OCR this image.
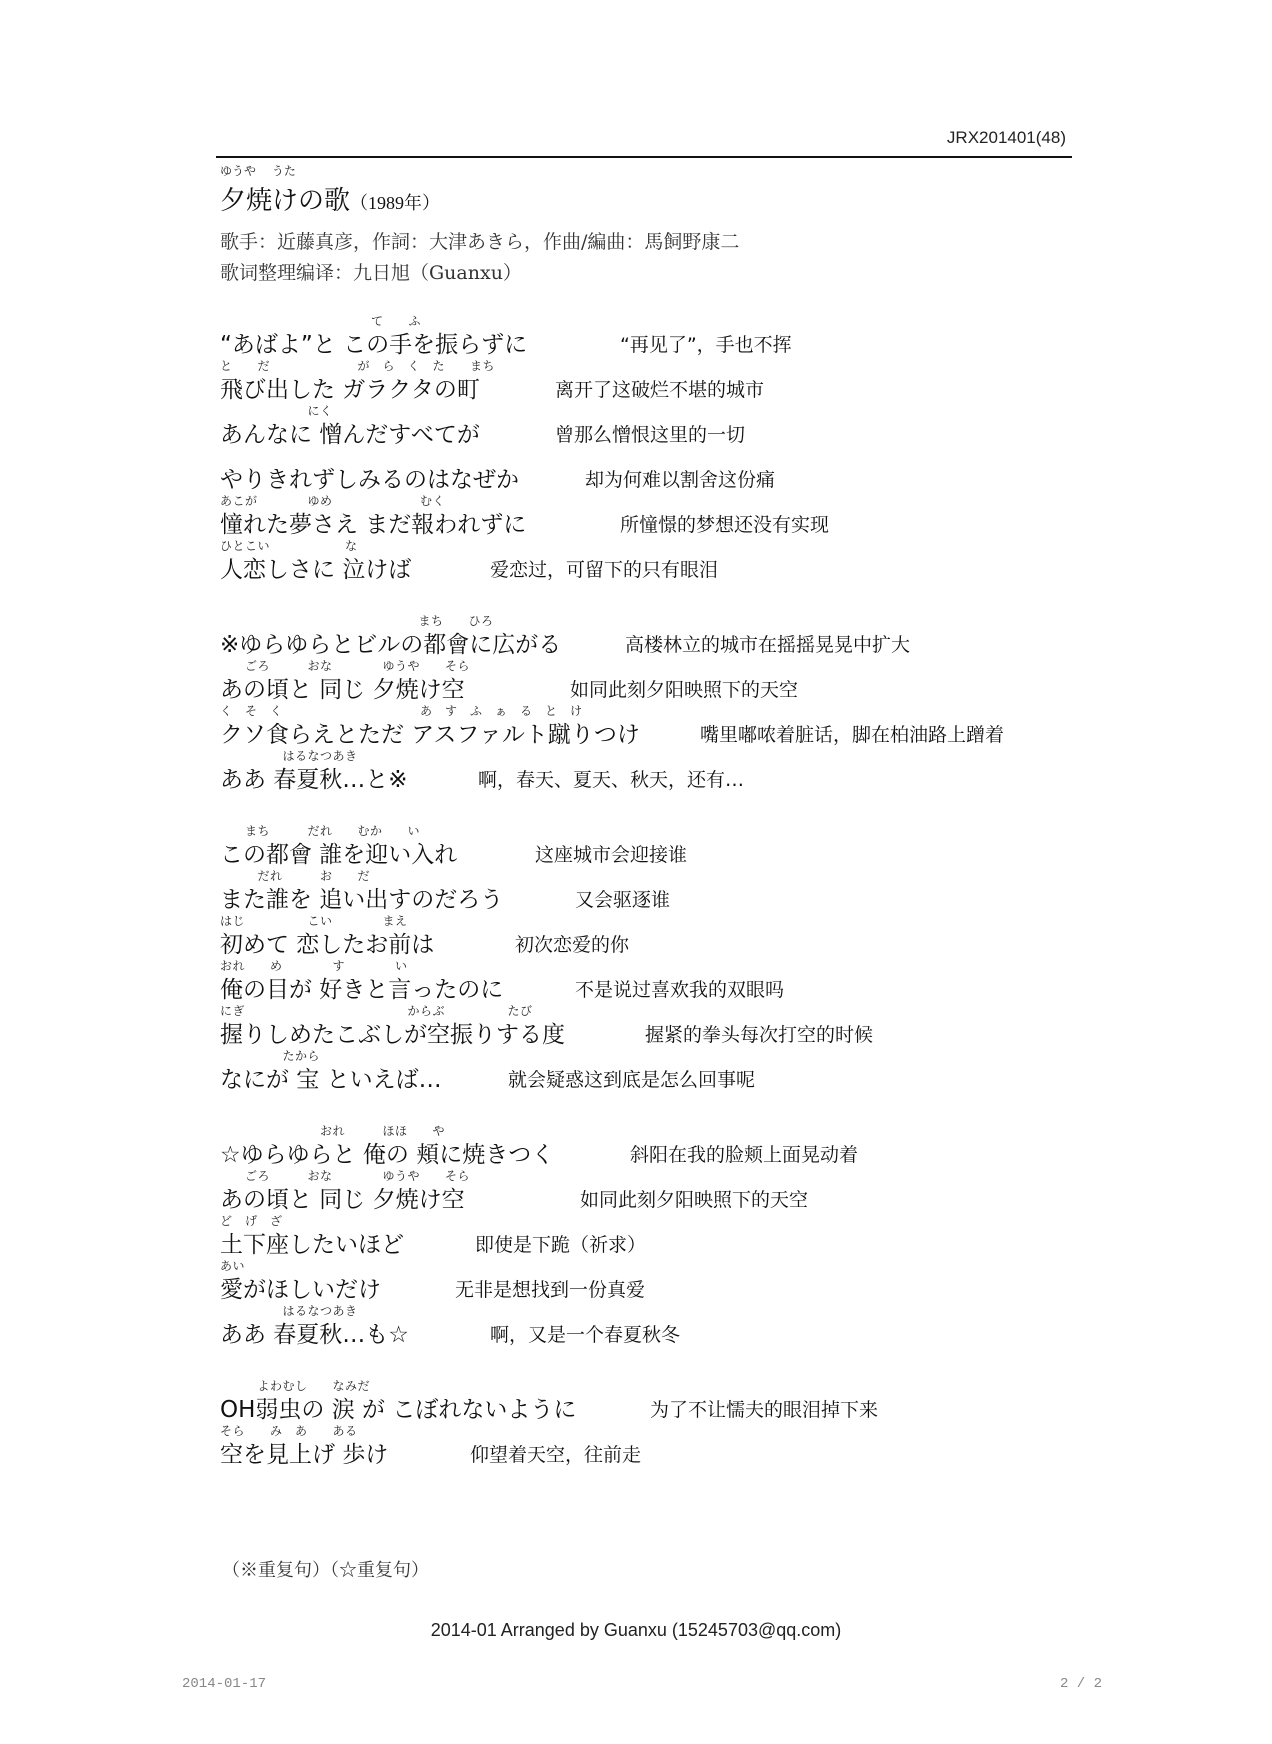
JRX201401(48)
ゆうや　 うた
夕焼けの歌（1989年）
歌手：近藤真彦，作詞：大津あきら，作曲/編曲：馬飼野康二
歌词整理编译：九日旭（Guanxu）
て　　ふ
“あばよ”と この手を振らずに	“再见了”，手也不挥
と　　だ　　　　　　　が　ら　く　た　　まち
飛び出した ガラクタの町	离开了这破烂不堪的城市
　　　　　　　にく
あんなに 憎んだすべてが	曾那么憎恨这里的一切
やりきれずしみるのはなぜか	却为何难以割舍这份痛
あこが　　　　ゆめ　　　　　　　むく
憧れた夢さえ まだ報われずに	所憧憬的梦想还没有实现
ひとこい　　　　　　な
人恋しさに 泣けば	爱恋过，可留下的只有眼泪
まち　　ひろ
※ゆらゆらとビルの都會に広がる	高楼林立的城市在摇摇晃晃中扩大
　　ごろ　　　おな　　　　ゆうや　　そら
あの頃と 同じ 夕焼け空	如同此刻夕阳映照下的天空
く　そ　く　　　　　　　　　　　あ　す　ふ　ぁ　る　と　け
クソ食らえとただ アスファルト蹴りつけ	嘴里嘟哝着脏话，脚在柏油路上蹭着
　　　　　はるなつあき
ああ 春夏秋…と※	啊，春天、夏天、秋天，还有…
　　まち　　　だれ　　むか　　い
この都會 誰を迎い入れ	这座城市会迎接谁
　　　だれ　　　お　　だ
また誰を 追い出すのだろう	又会驱逐谁
はじ　　　　　こい　　　　まえ
初めて 恋したお前は	初次恋爱的你
おれ　　め　　　　す　　　　い
俺の目が 好きと言ったのに	不是说过喜欢我的双眼吗
にぎ　　　　　　　　　　　　　からぶ　　　　　たび
握りしめたこぶしが空振りする度	握紧的拳头每次打空的时候
　　　　　たから
なにが 宝 といえば…	就会疑惑这到底是怎么回事呢
　　　　　　　　おれ　　　ほほ　　や
☆ゆらゆらと 俺の 頬に焼きつく	斜阳在我的脸颊上面晃动着
　　ごろ　　　おな　　　　ゆうや　　そら
あの頃と 同じ 夕焼け空	如同此刻夕阳映照下的天空
ど　げ　ざ
土下座したいほど	即使是下跪（祈求）
あい
愛がほしいだけ	无非是想找到一份真爱
　　　　　はるなつあき
ああ 春夏秋…も☆	啊，又是一个春夏秋冬
　　　よわむし　　なみだ
OH弱虫の 涙 が こぼれないように	为了不让懦夫的眼泪掉下来
そら　　み　あ　　ある
空を見上げ 歩け	仰望着天空，往前走
（※重复句）（☆重复句）
2014-01 Arranged by Guanxu (15245703@qq.com)
2014-01-17	2 / 2
